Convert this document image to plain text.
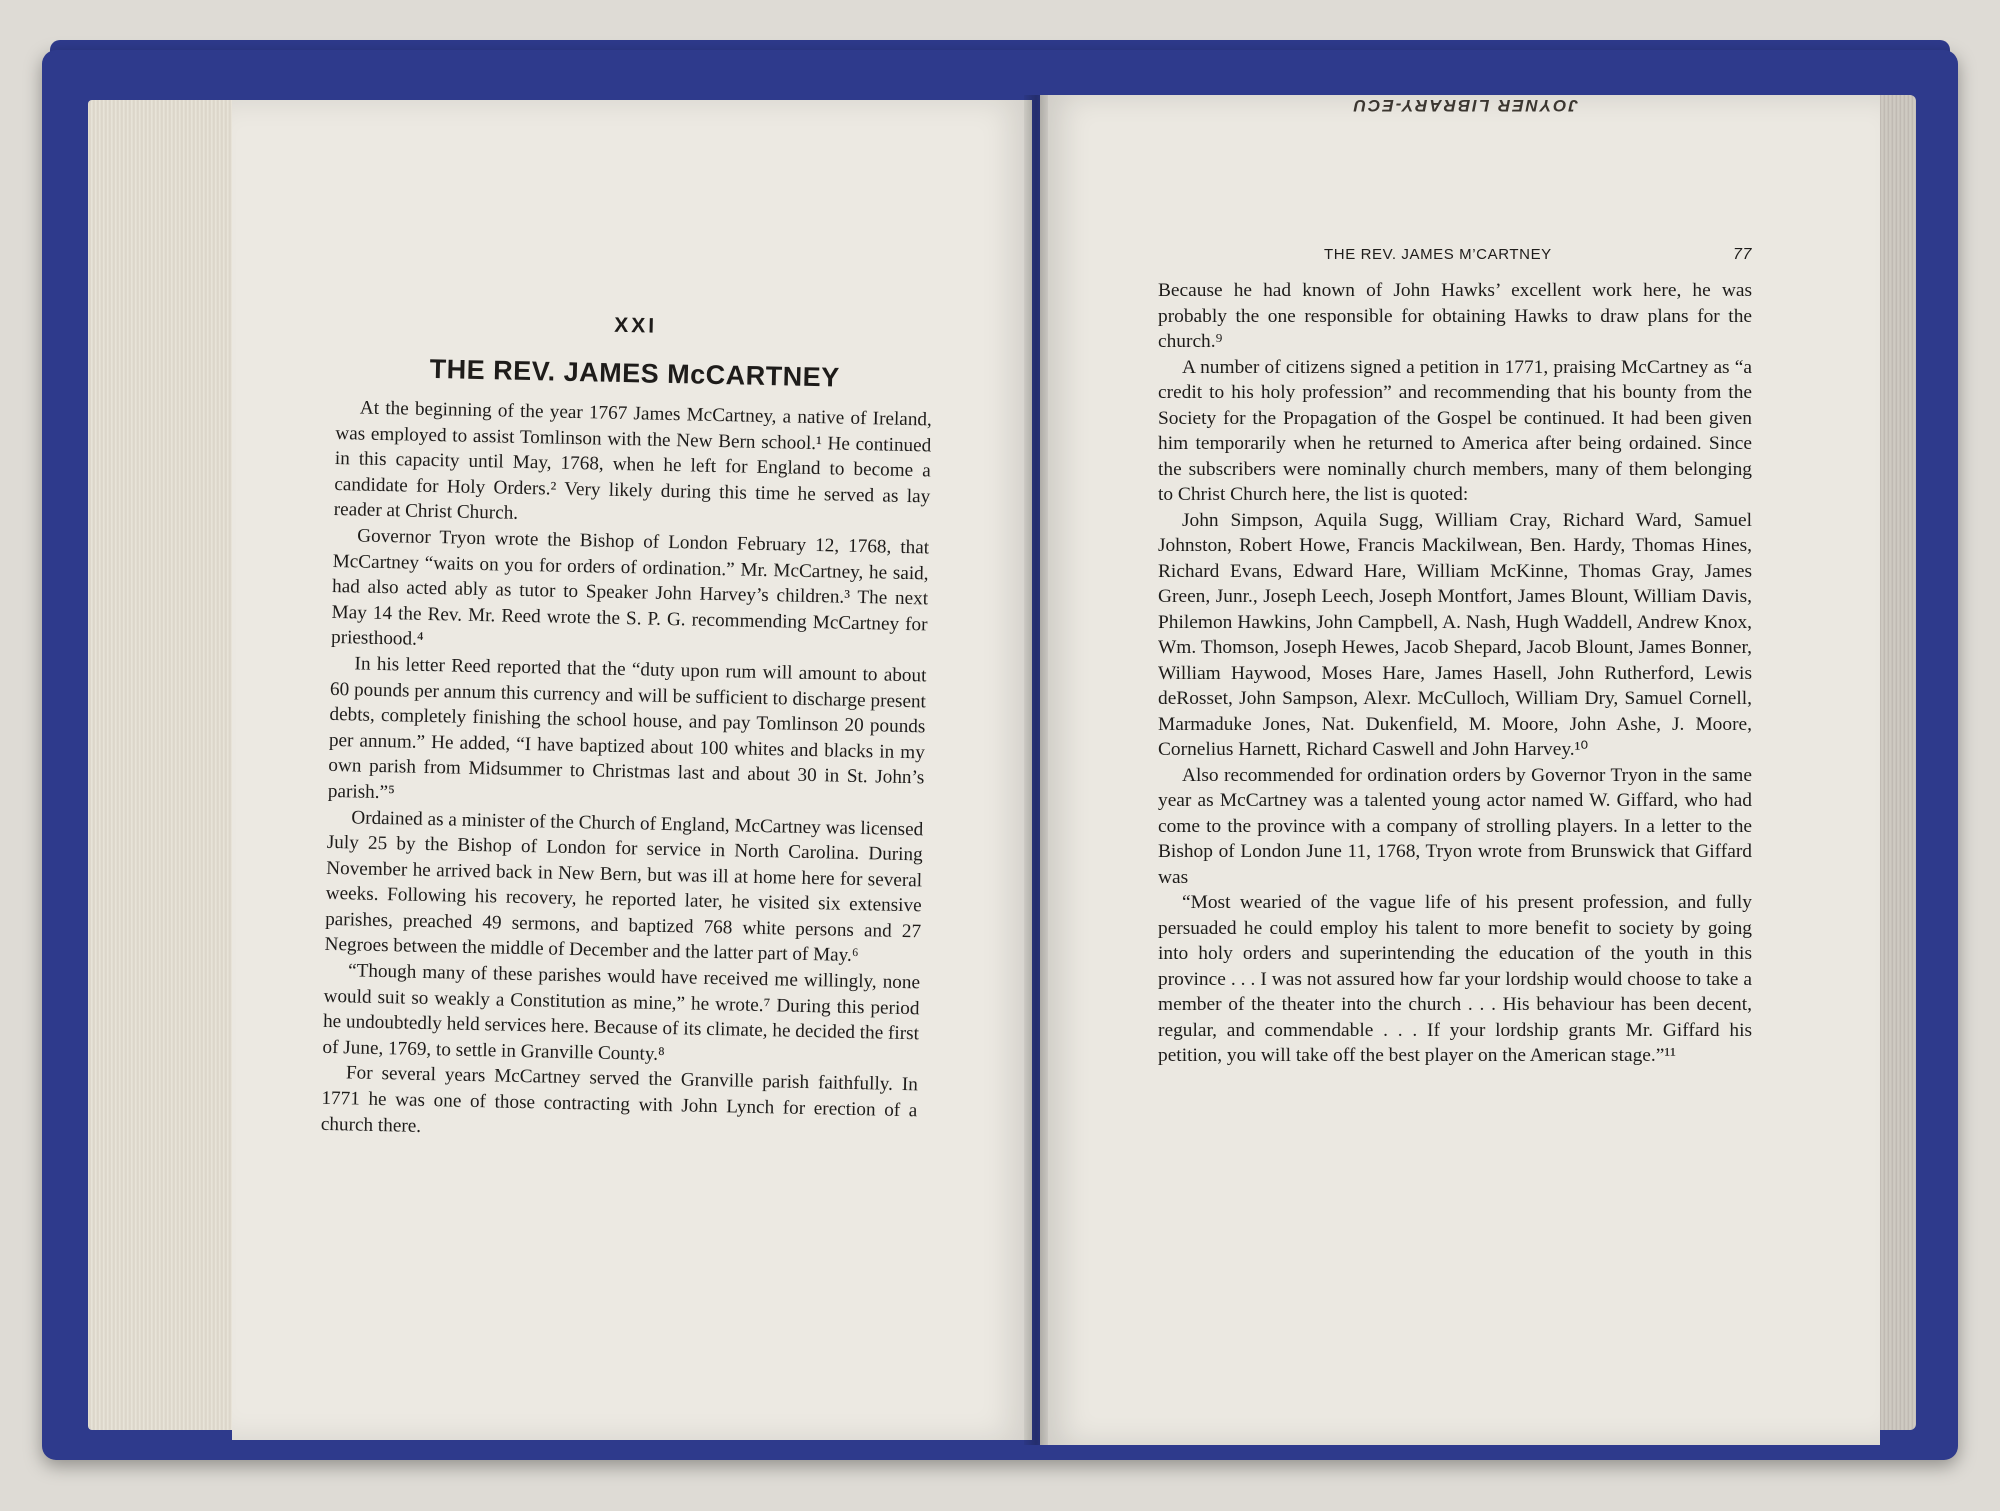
JOYNER LIBRARY-ECU
XXI
THE REV. JAMES McCARTNEY

At the beginning of the year 1767 James McCartney, a native of Ireland, was employed to assist Tomlinson with the New Bern school.¹ He continued in this capacity until May, 1768, when he left for England to become a candidate for Holy Orders.² Very likely during this time he served as lay reader at Christ Church.

Governor Tryon wrote the Bishop of London February 12, 1768, that McCartney “waits on you for orders of ordination.” Mr. McCartney, he said, had also acted ably as tutor to Speaker John Harvey’s children.³ The next May 14 the Rev. Mr. Reed wrote the S. P. G. recommending McCartney for priesthood.⁴

In his letter Reed reported that the “duty upon rum will amount to about 60 pounds per annum this currency and will be sufficient to discharge present debts, completely finishing the school house, and pay Tomlinson 20 pounds per annum.” He added, “I have baptized about 100 whites and blacks in my own parish from Midsummer to Christmas last and about 30 in St. John’s parish.”⁵

Ordained as a minister of the Church of England, McCartney was licensed July 25 by the Bishop of London for service in North Carolina. During November he arrived back in New Bern, but was ill at home here for several weeks. Following his recovery, he reported later, he visited six extensive parishes, preached 49 sermons, and baptized 768 white persons and 27 Negroes between the middle of December and the latter part of May.⁶

“Though many of these parishes would have received me willingly, none would suit so weakly a Constitution as mine,” he wrote.⁷ During this period he undoubtedly held services here. Because of its climate, he decided the first of June, 1769, to settle in Granville County.⁸

For several years McCartney served the Granville parish faithfully. In 1771 he was one of those contracting with John Lynch for erection of a church there.

THE REV. JAMES M’CARTNEY	77

Because he had known of John Hawks’ excellent work here, he was probably the one responsible for obtaining Hawks to draw plans for the church.⁹

A number of citizens signed a petition in 1771, praising McCartney as “a credit to his holy profession” and recommending that his bounty from the Society for the Propagation of the Gospel be continued. It had been given him temporarily when he returned to America after being ordained. Since the subscribers were nominally church members, many of them belonging to Christ Church here, the list is quoted:

John Simpson, Aquila Sugg, William Cray, Richard Ward, Samuel Johnston, Robert Howe, Francis Mackilwean, Ben. Hardy, Thomas Hines, Richard Evans, Edward Hare, William McKinne, Thomas Gray, James Green, Junr., Joseph Leech, Joseph Montfort, James Blount, William Davis, Philemon Hawkins, John Campbell, A. Nash, Hugh Waddell, Andrew Knox, Wm. Thomson, Joseph Hewes, Jacob Shepard, Jacob Blount, James Bonner, William Haywood, Moses Hare, James Hasell, John Rutherford, Lewis deRosset, John Sampson, Alexr. McCulloch, William Dry, Samuel Cornell, Marmaduke Jones, Nat. Dukenfield, M. Moore, John Ashe, J. Moore, Cornelius Harnett, Richard Caswell and John Harvey.¹⁰

Also recommended for ordination orders by Governor Tryon in the same year as McCartney was a talented young actor named W. Giffard, who had come to the province with a company of strolling players. In a letter to the Bishop of London June 11, 1768, Tryon wrote from Brunswick that Giffard was

“Most wearied of the vague life of his present profession, and fully persuaded he could employ his talent to more benefit to society by going into holy orders and superintending the education of the youth in this province . . . I was not assured how far your lordship would choose to take a member of the theater into the church . . . His behaviour has been decent, regular, and commendable . . . If your lordship grants Mr. Giffard his petition, you will take off the best player on the American stage.”¹¹
